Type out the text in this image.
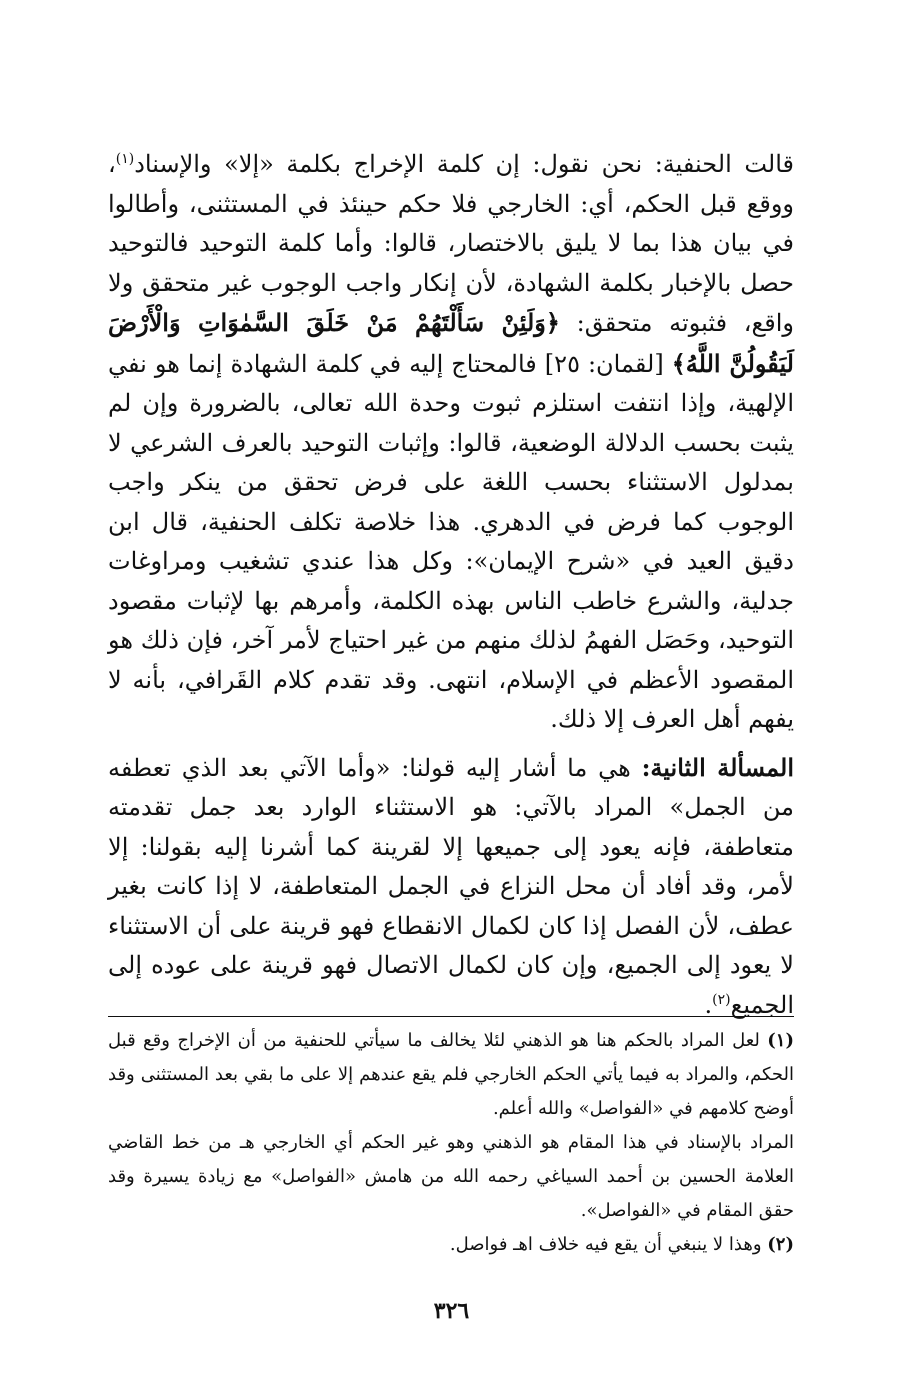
قالت الحنفية: نحن نقول: إن كلمة الإخراج بكلمة «إلا» والإسناد$^{(١)}$، ووقع قبل الحكم، أي: الخارجي فلا حكم حينئذ في المستثنى، وأطالوا في بيان هذا بما لا يليق بالاختصار، قالوا: وأما كلمة التوحيد فالتوحيد حصل بالإخبار بكلمة الشهادة، لأن إنكار واجب الوجوب غير متحقق ولا واقع، فثبوته متحقق: ﴿وَلَئِنْ سَأَلْتَهُمْ مَنْ خَلَقَ السَّمٰوَاتِ وَالْأَرْضَ لَيَقُولُنَّ اللَّهُ﴾ [لقمان: ٢٥] فالمحتاج إليه في كلمة الشهادة إنما هو نفي الإلهية، وإذا انتفت استلزم ثبوت وحدة الله تعالى، بالضرورة وإن لم يثبت بحسب الدلالة الوضعية، قالوا: وإثبات التوحيد بالعرف الشرعي لا بمدلول الاستثناء بحسب اللغة على فرض تحقق من ينكر واجب الوجوب كما فرض في الدهري. هذا خلاصة تكلف الحنفية، قال ابن دقيق العيد في «شرح الإيمان»: وكل هذا عندي تشغيب ومراوغات جدلية، والشرع خاطب الناس بهذه الكلمة، وأمرهم بها لإثبات مقصود التوحيد، وحَصَل الفهمُ لذلك منهم من غير احتياج لأمر آخر، فإن ذلك هو المقصود الأعظم في الإسلام، انتهى. وقد تقدم كلام القَرافي، بأنه لا يفهم أهل العرف إلا ذلك.

المسألة الثانية: هي ما أشار إليه قولنا: «وأما الآتي بعد الذي تعطفه من الجمل» المراد بالآتي: هو الاستثناء الوارد بعد جمل تقدمته متعاطفة، فإنه يعود إلى جميعها إلا لقرينة كما أشرنا إليه بقولنا: إلا لأمر، وقد أفاد أن محل النزاع في الجمل المتعاطفة، لا إذا كانت بغير عطف، لأن الفصل إذا كان لكمال الانقطاع فهو قرينة على أن الاستثناء لا يعود إلى الجميع، وإن كان لكمال الاتصال فهو قرينة على عوده إلى الجميع$^{(٢)}$.

(١) لعل المراد بالحكم هنا هو الذهني لئلا يخالف ما سيأتي للحنفية من أن الإخراج وقع قبل الحكم، والمراد به فيما يأتي الحكم الخارجي فلم يقع عندهم إلا على ما بقي بعد المستثنى وقد أوضح كلامهم في «الفواصل» والله أعلم.

المراد بالإسناد في هذا المقام هو الذهني وهو غير الحكم أي الخارجي هـ من خط القاضي العلامة الحسين بن أحمد السياغي رحمه الله من هامش «الفواصل» مع زيادة يسيرة وقد حقق المقام في «الفواصل».

(٢) وهذا لا ينبغي أن يقع فيه خلاف اهـ فواصل.

٣٢٦
